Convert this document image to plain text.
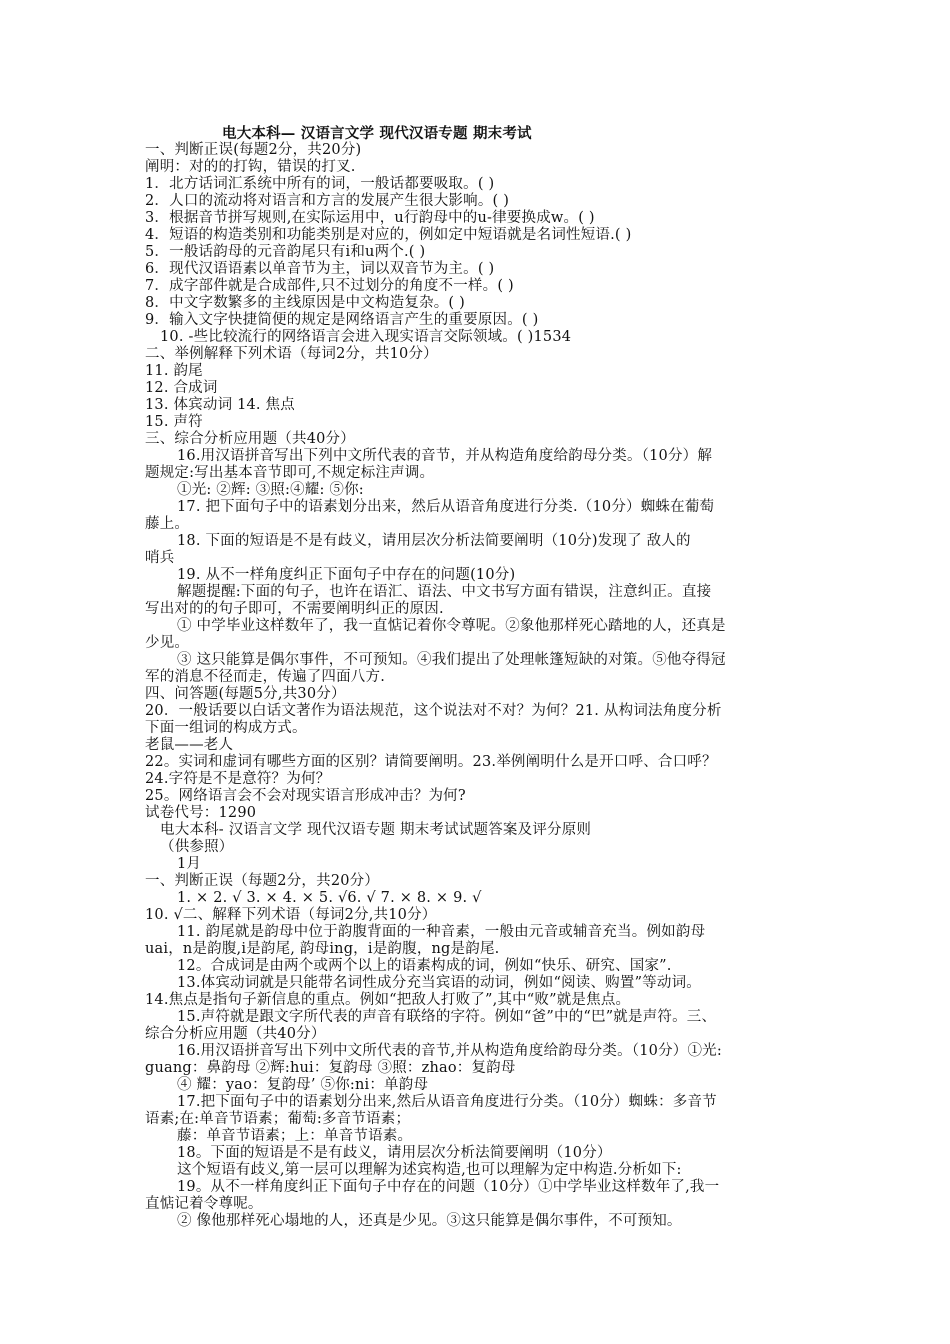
电大本科— 汉语言文学 现代汉语专题 期末考试
一、判断正误(每题2分，共20分)
阐明：对的的打钩，错误的打叉.
1．北方话词汇系统中所有的词，一般话都要吸取。( )
2．人口的流动将对语言和方言的发展产生很大影响。( )
3．根据音节拼写规则,在实际运用中，u行韵母中的u-律要换成w。( )
4．短语的构造类别和功能类别是对应的，例如定中短语就是名词性短语.( )
5．一般话韵母的元音韵尾只有i和u两个.( )
6．现代汉语语素以单音节为主，词以双音节为主。( )
7．成字部件就是合成部件,只不过划分的角度不一样。( )
8．中文字数繁多的主线原因是中文构造复杂。( )
9．输入文字快捷简便的规定是网络语言产生的重要原因。( )
10. -些比较流行的网络语言会进入现实语言交际领域。( )1534
二、举例解释下列术语（每词2分，共10分）
11. 韵尾
12. 合成词
13. 体宾动词 14. 焦点
15. 声符
三、综合分析应用题（共40分）
16.用汉语拼音写出下列中文所代表的音节，并从构造角度给韵母分类。（10分）解
题规定:写出基本音节即可,不规定标注声调。
①光: ②辉: ③照:④耀: ⑤你:
17. 把下面句子中的语素划分出来，然后从语音角度进行分类.（10分）蜘蛛在葡萄
藤上。
18. 下面的短语是不是有歧义，请用层次分析法简要阐明（10分)发现了 敌人的
哨兵
19. 从不一样角度纠正下面句子中存在的问题(10分)
解题提醒:下面的句子，也许在语汇、语法、中文书写方面有错误，注意纠正。直接
写出对的的句子即可，不需要阐明纠正的原因.
① 中学毕业这样数年了，我一直惦记着你令尊呢。②象他那样死心踏地的人，还真是
少见。
③ 这只能算是偶尔事件，不可预知。④我们提出了处理帐篷短缺的对策。⑤他夺得冠
军的消息不径而走，传遍了四面八方.
四、问答题(每题5分,共30分）
20．一般话要以白话文著作为语法规范，这个说法对不对？为何？21. 从构词法角度分析
下面一组词的构成方式。
老鼠——老人
22。实词和虚词有哪些方面的区别？请简要阐明。23.举例阐明什么是开口呼、合口呼？
24.字符是不是意符？为何？
25。网络语言会不会对现实语言形成冲击？为何?
试卷代号：1290
电大本科- 汉语言文学 现代汉语专题 期末考试试题答案及评分原则
（供参照）
1月
一、判断正误（每题2分，共20分）
1. × 2. √ 3. × 4. × 5. √6. √ 7. × 8. × 9. √
10. √二、解释下列术语（每词2分,共10分）
11. 韵尾就是韵母中位于韵腹背面的一种音素，一般由元音或辅音充当。例如韵母
uai，n是韵腹,i是韵尾, 韵母ing，i是韵腹，ng是韵尾.
12。合成词是由两个或两个以上的语素构成的词，例如“快乐、研究、国家”.
13.体宾动词就是只能带名词性成分充当宾语的动词，例如“阅读、购置”等动词。
14.焦点是指句子新信息的重点。例如“把敌人打败了”,其中“败”就是焦点。
15.声符就是跟文字所代表的声音有联络的字符。例如“爸”中的“巴”就是声符。三、
综合分析应用题（共40分）
16.用汉语拼音写出下列中文所代表的音节,并从构造角度给韵母分类。（10分）①光:
guang：鼻韵母 ②辉:hui：复韵母 ③照：zhao：复韵母
④ 耀：yao：复韵母’ ⑤你:ni：单韵母
17.把下面句子中的语素划分出来,然后从语音角度进行分类。（10分）蜘蛛：多音节
语素;在:单音节语素；葡萄:多音节语素；
藤：单音节语素；上：单音节语素。
18。下面的短语是不是有歧义，请用层次分析法简要阐明（10分）
这个短语有歧义,第一层可以理解为述宾构造,也可以理解为定中构造.分析如下:
19。从不一样角度纠正下面句子中存在的问题（10分）①中学毕业这样数年了,我一
直惦记着令尊呢。
② 像他那样死心塌地的人，还真是少见。③这只能算是偶尔事件，不可预知。
